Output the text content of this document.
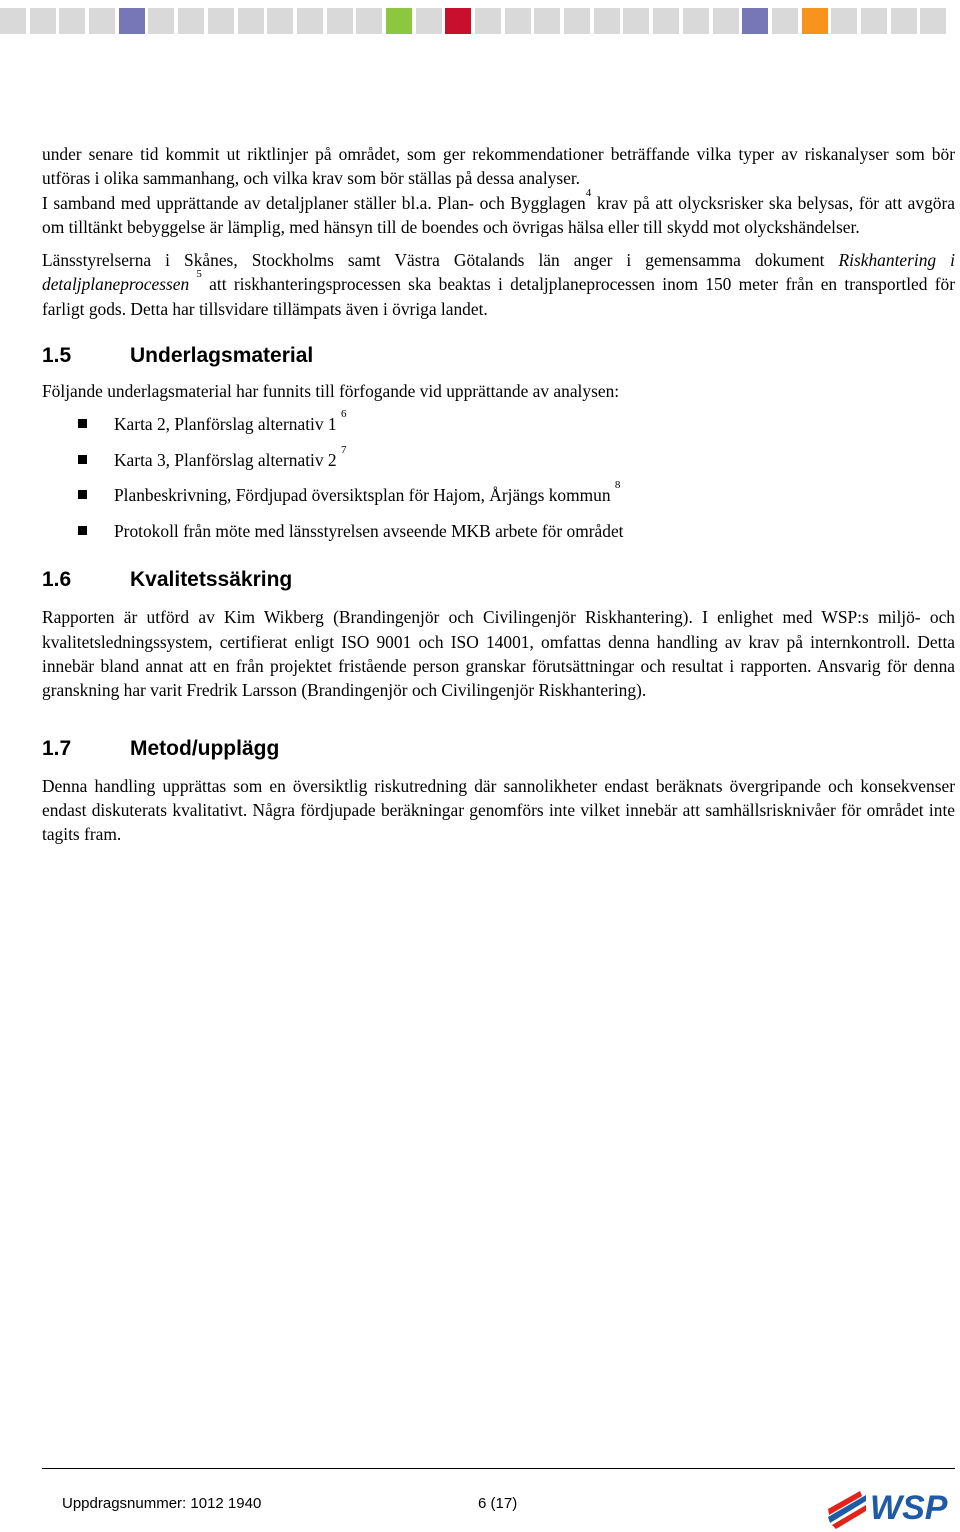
under senare tid kommit ut riktlinjer på området, som ger rekommendationer beträffande vilka typer av riskanalyser som bör utföras i olika sammanhang, och vilka krav som bör ställas på dessa analyser.

I samband med upprättande av detaljplaner ställer bl.a. Plan- och Bygglagen$^4$ krav på att olycksrisker ska belysas, för att avgöra om tilltänkt bebyggelse är lämplig, med hänsyn till de boendes och övrigas hälsa eller till skydd mot olyckshändelser.

Länsstyrelserna i Skånes, Stockholms samt Västra Götalands län anger i gemensamma dokument Riskhantering i detaljplaneprocessen $^5$ att riskhanteringsprocessen ska beaktas i detaljplaneprocessen inom 150 meter från en transportled för farligt gods. Detta har tillsvidare tillämpats även i övriga landet.

1.5	Underlagsmaterial

Följande underlagsmaterial har funnits till förfogande vid upprättande av analysen:

Karta 2, Planförslag alternativ 1 $^6$
Karta 3, Planförslag alternativ 2 $^7$
Planbeskrivning, Fördjupad översiktsplan för Hajom, Årjängs kommun $^8$
Protokoll från möte med länsstyrelsen avseende MKB arbete för området
1.6	Kvalitetssäkring

Rapporten är utförd av Kim Wikberg (Brandingenjör och Civilingenjör Riskhantering). I enlighet med WSP:s miljö- och kvalitetsledningssystem, certifierat enligt ISO 9001 och ISO 14001, omfattas denna handling av krav på internkontroll. Detta innebär bland annat att en från projektet fristående person granskar förutsättningar och resultat i rapporten. Ansvarig för denna granskning har varit Fredrik Larsson (Brandingenjör och Civilingenjör Riskhantering).

1.7	Metod/upplägg

Denna handling upprättas som en översiktlig riskutredning där sannolikheter endast beräknats övergripande och konsekvenser endast diskuterats kvalitativt. Några fördjupade beräkningar genomförs inte vilket innebär att samhällsrisknivåer för området inte tagits fram.

Uppdragsnummer: 1012 1940	6 (17)	WSP
